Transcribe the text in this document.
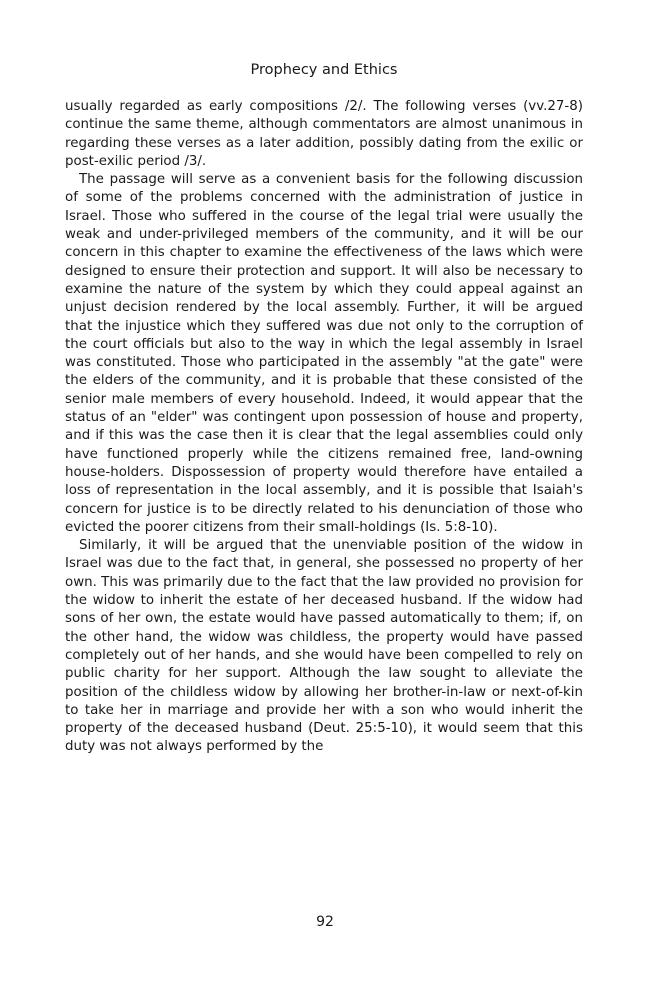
Prophecy and Ethics

usually regarded as early compositions /2/. The following verses (vv.27-8) continue the same theme, although commentators are almost unanimous in regarding these verses as a later addition, possibly dating from the exilic or post-exilic period /3/.

The passage will serve as a convenient basis for the following discussion of some of the problems concerned with the administration of justice in Israel. Those who suffered in the course of the legal trial were usually the weak and under-privileged members of the community, and it will be our concern in this chapter to examine the effectiveness of the laws which were designed to ensure their protection and support. It will also be necessary to examine the nature of the system by which they could appeal against an unjust decision rendered by the local assembly. Further, it will be argued that the injustice which they suffered was due not only to the corruption of the court officials but also to the way in which the legal assembly in Israel was constituted. Those who participated in the assembly "at the gate" were the elders of the community, and it is probable that these consisted of the senior male members of every household. Indeed, it would appear that the status of an "elder" was contingent upon possession of house and property, and if this was the case then it is clear that the legal assemblies could only have functioned properly while the citizens remained free, land-owning house-holders. Dispossession of property would therefore have entailed a loss of representation in the local assembly, and it is possible that Isaiah's concern for justice is to be directly related to his denunciation of those who evicted the poorer citizens from their small-holdings (Is. 5:8-10).

Similarly, it will be argued that the unenviable position of the widow in Israel was due to the fact that, in general, she possessed no property of her own. This was primarily due to the fact that the law provided no provision for the widow to inherit the estate of her deceased husband. If the widow had sons of her own, the estate would have passed automatically to them; if, on the other hand, the widow was childless, the property would have passed completely out of her hands, and she would have been compelled to rely on public charity for her support. Although the law sought to alleviate the position of the childless widow by allowing her brother-in-law or next-of-kin to take her in marriage and provide her with a son who would inherit the property of the deceased husband (Deut. 25:5-10), it would seem that this duty was not always performed by the

92
